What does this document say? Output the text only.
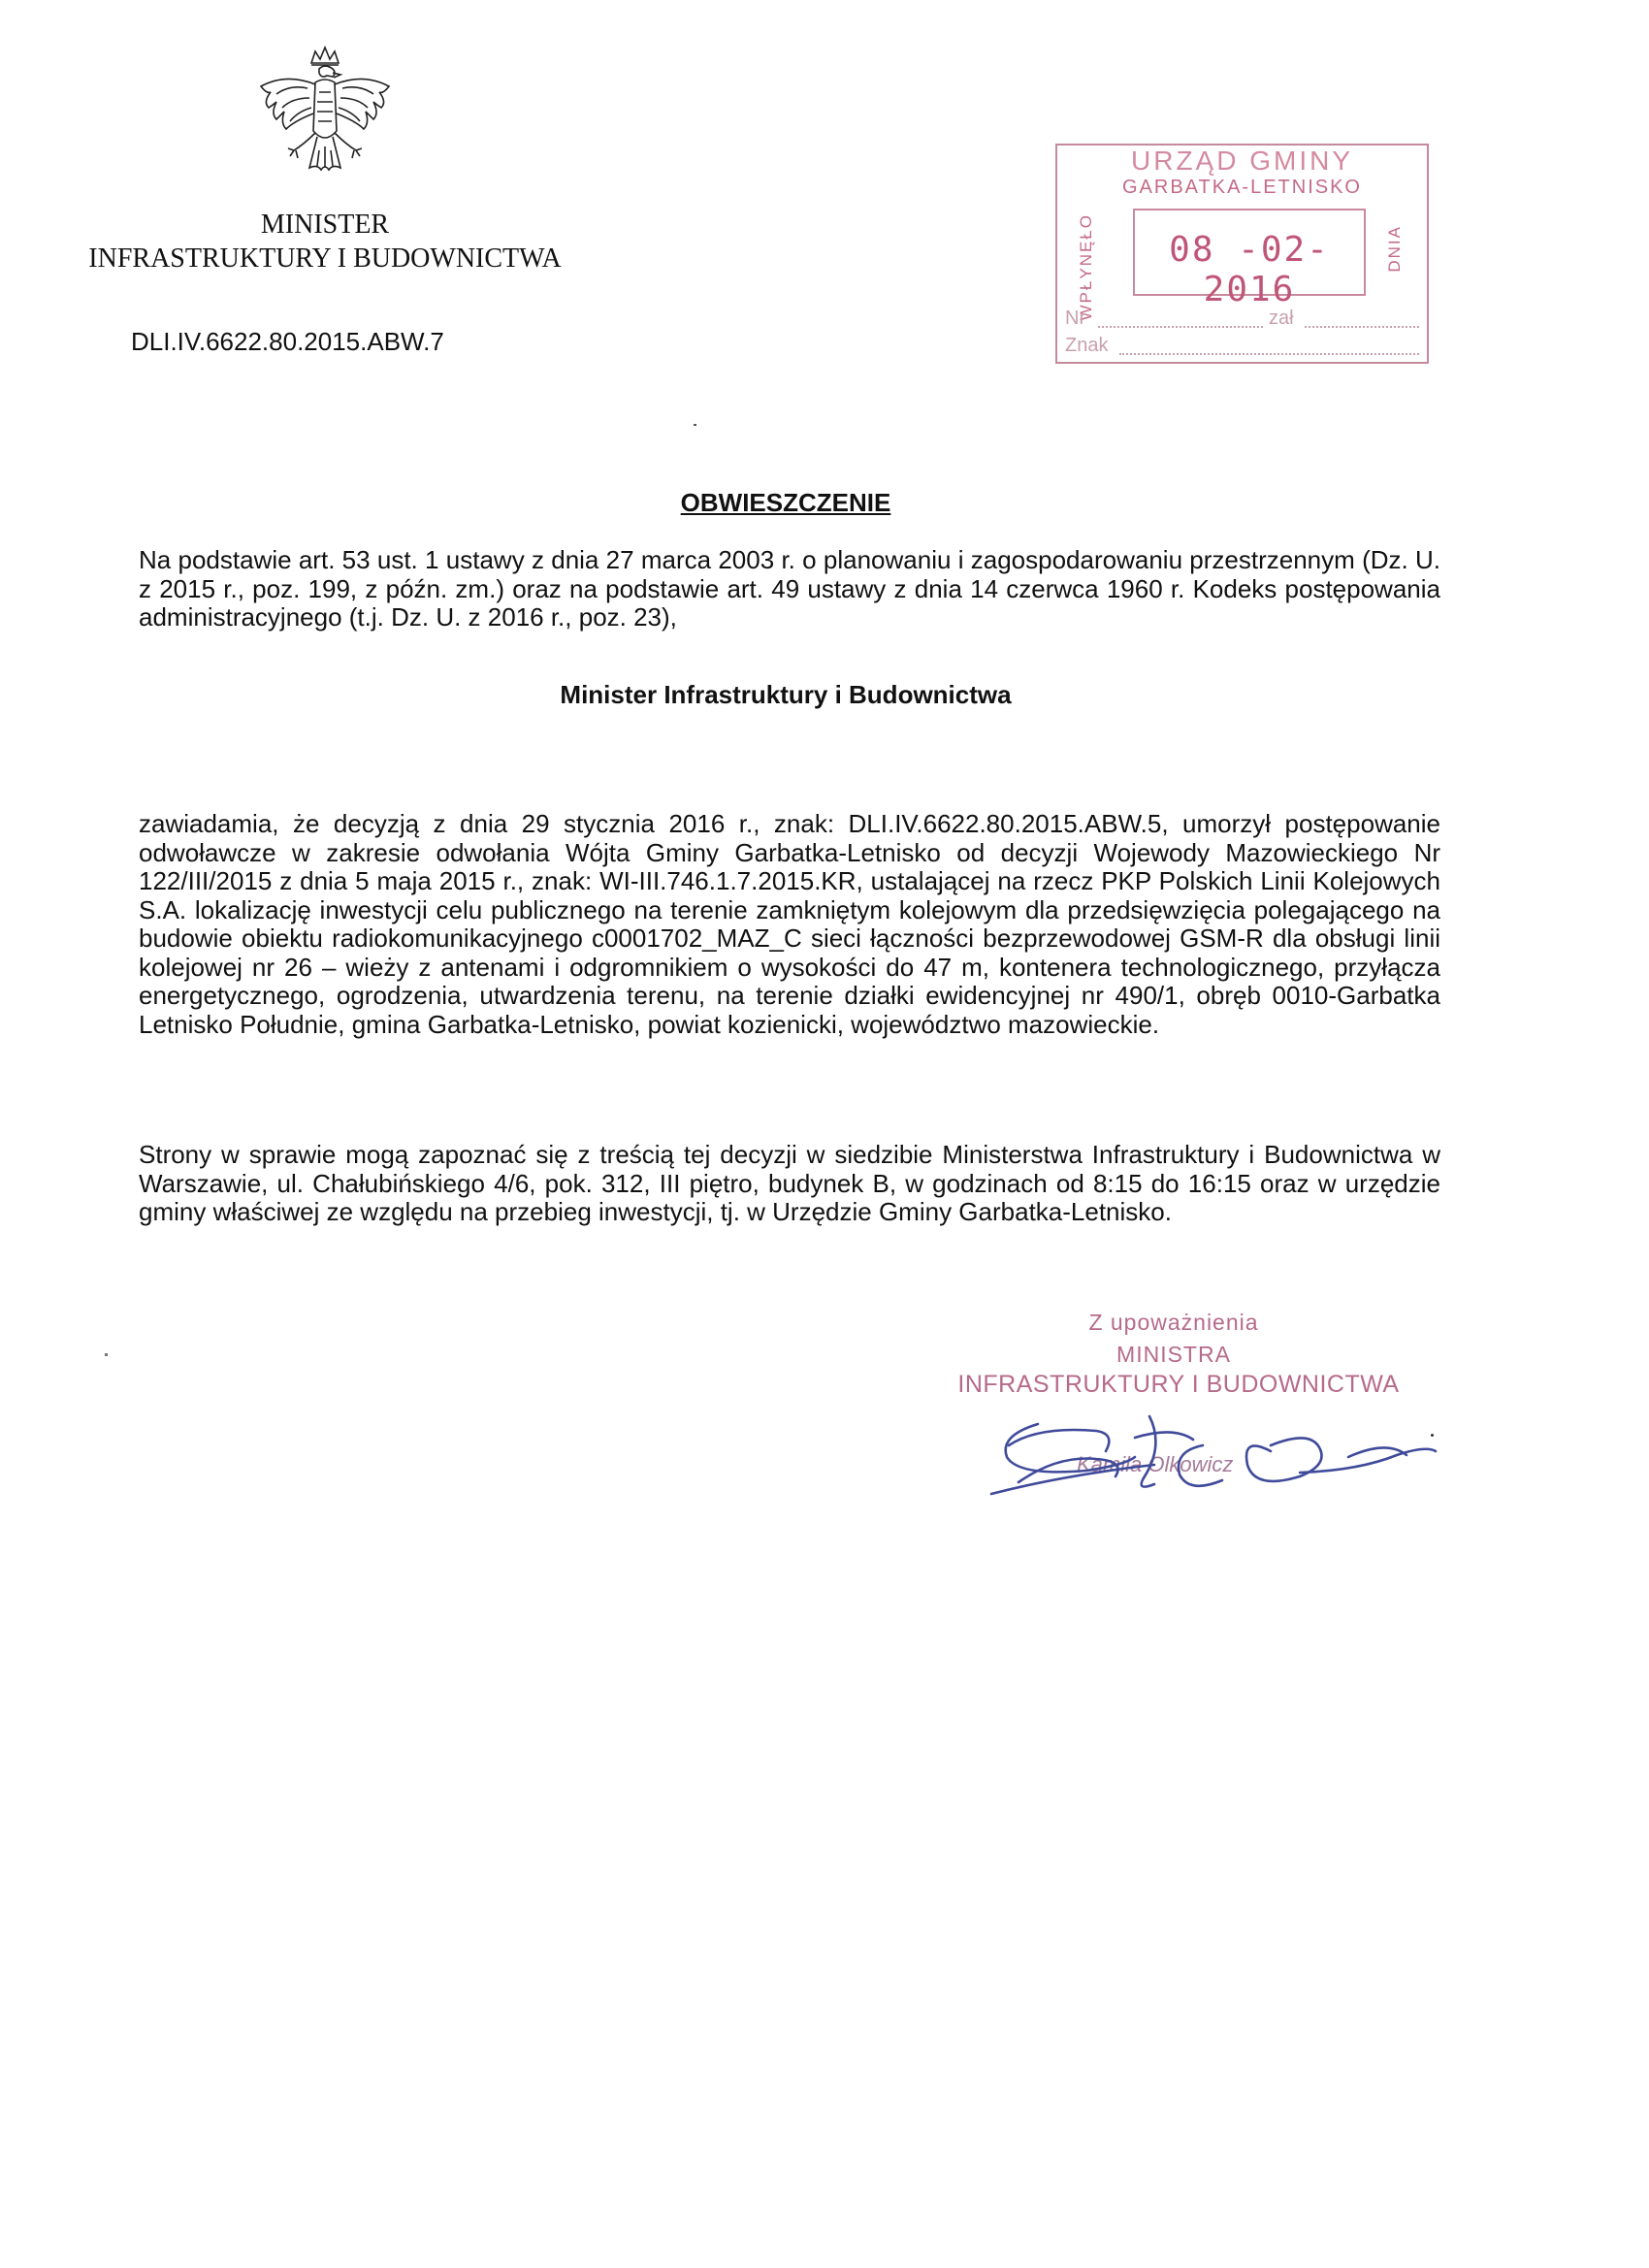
MINISTER
INFRASTRUKTURY I BUDOWNICTWA
DLI.IV.6622.80.2015.ABW.7
URZĄD GMINY
GARBATKA-LETNISKO
WPŁYNĘŁO	08 -02- 2016
DNIA
Nr	zał
Znak
OBWIESZCZENIE
Na podstawie art. 53 ust. 1 ustawy z dnia 27 marca 2003 r. o planowaniu i zagospodarowaniu przestrzennym (Dz. U. z 2015 r., poz. 199, z późn. zm.) oraz na podstawie art. 49 ustawy z dnia 14 czerwca 1960 r. Kodeks postępowania administracyjnego (t.j. Dz. U. z 2016 r., poz. 23),
Minister Infrastruktury i Budownictwa
zawiadamia, że decyzją z dnia 29 stycznia 2016 r., znak: DLI.IV.6622.80.2015.ABW.5, umorzył postępowanie odwoławcze w zakresie odwołania Wójta Gminy Garbatka-Letnisko od decyzji Wojewody Mazowieckiego Nr 122/III/2015 z dnia 5 maja 2015 r., znak: WI-III.746.1.7.2015.KR, ustalającej na rzecz PKP Polskich Linii Kolejowych S.A. lokalizację inwestycji celu publicznego na terenie zamkniętym kolejowym dla przedsięwzięcia polegającego na budowie obiektu radiokomunikacyjnego c0001702_MAZ_C sieci łączności bezprzewodowej GSM-R dla obsługi linii kolejowej nr 26 – wieży z antenami i odgromnikiem o wysokości do 47 m, kontenera technologicznego, przyłącza energetycznego, ogrodzenia, utwardzenia terenu, na terenie działki ewidencyjnej nr 490/1, obręb 0010-Garbatka Letnisko Południe, gmina Garbatka-Letnisko, powiat kozienicki, województwo mazowieckie.
Strony w sprawie mogą zapoznać się z treścią tej decyzji w siedzibie Ministerstwa Infrastruktury i Budownictwa w Warszawie, ul. Chałubińskiego 4/6, pok. 312, III piętro, budynek B, w godzinach od 8:15 do 16:15 oraz w urzędzie gminy właściwej ze względu na przebieg inwestycji, tj. w Urzędzie Gminy Garbatka-Letnisko.
Z upoważnienia
MINISTRA
INFRASTRUKTURY I BUDOWNICTWA
Kamila Olkowicz
